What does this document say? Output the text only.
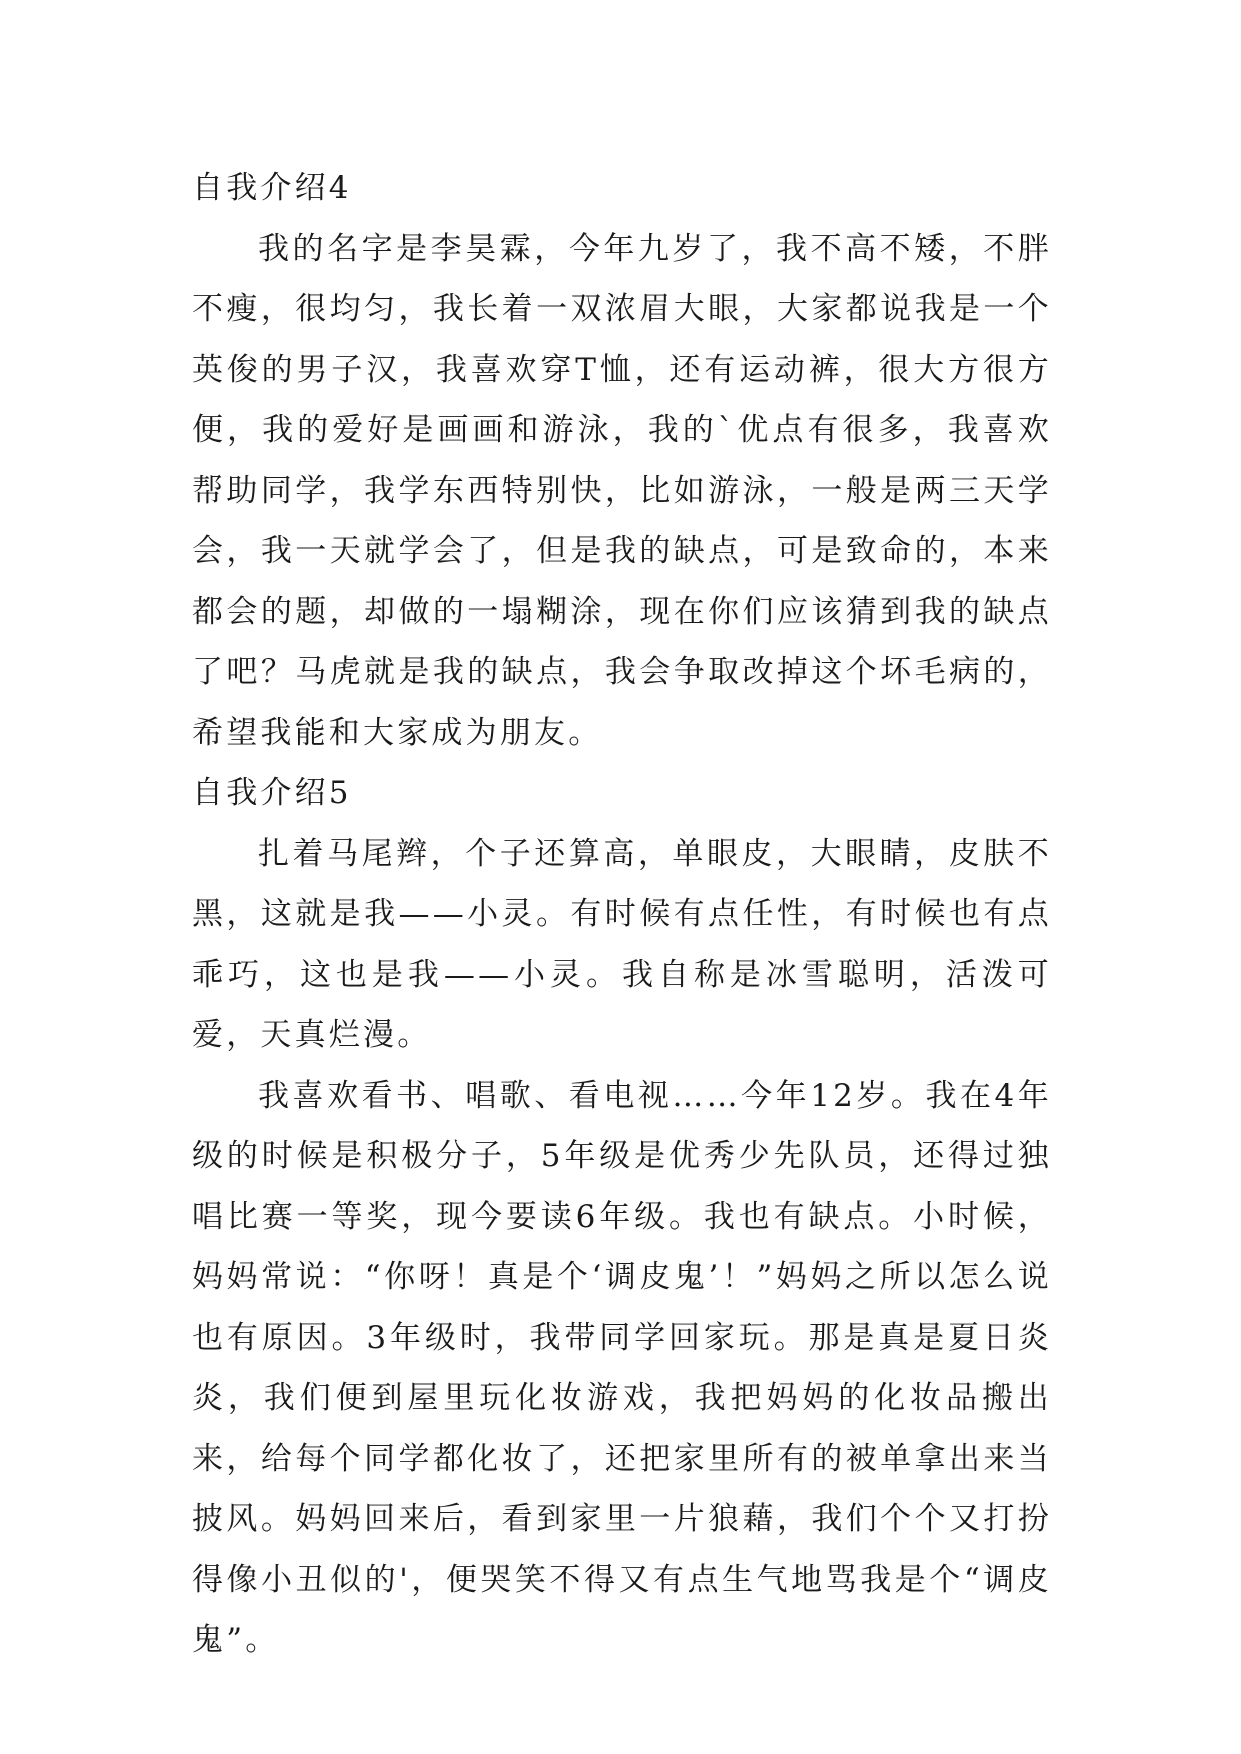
自我介绍4

我的名字是李昊霖，今年九岁了，我不高不矮，不胖不瘦，很均匀，我长着一双浓眉大眼，大家都说我是一个英俊的男子汉，我喜欢穿T恤，还有运动裤，很大方很方便，我的爱好是画画和游泳，我的`优点有很多，我喜欢帮助同学，我学东西特别快，比如游泳，一般是两三天学会，我一天就学会了，但是我的缺点，可是致命的，本来都会的题，却做的一塌糊涂，现在你们应该猜到我的缺点了吧？马虎就是我的缺点，我会争取改掉这个坏毛病的，希望我能和大家成为朋友。

自我介绍5

扎着马尾辫，个子还算高，单眼皮，大眼睛，皮肤不黑，这就是我——小灵。有时候有点任性，有时候也有点乖巧，这也是我——小灵。我自称是冰雪聪明，活泼可爱，天真烂漫。

我喜欢看书、唱歌、看电视……今年12岁。我在4年级的时候是积极分子，5年级是优秀少先队员，还得过独唱比赛一等奖，现今要读6年级。我也有缺点。小时候，妈妈常说：“你呀！真是个‘调皮鬼’！”妈妈之所以怎么说也有原因。3年级时，我带同学回家玩。那是真是夏日炎炎，我们便到屋里玩化妆游戏，我把妈妈的化妆品搬出来，给每个同学都化妆了，还把家里所有的被单拿出来当披风。妈妈回来后，看到家里一片狼藉，我们个个又打扮得像小丑似的'，便哭笑不得又有点生气地骂我是个“调皮鬼”。
